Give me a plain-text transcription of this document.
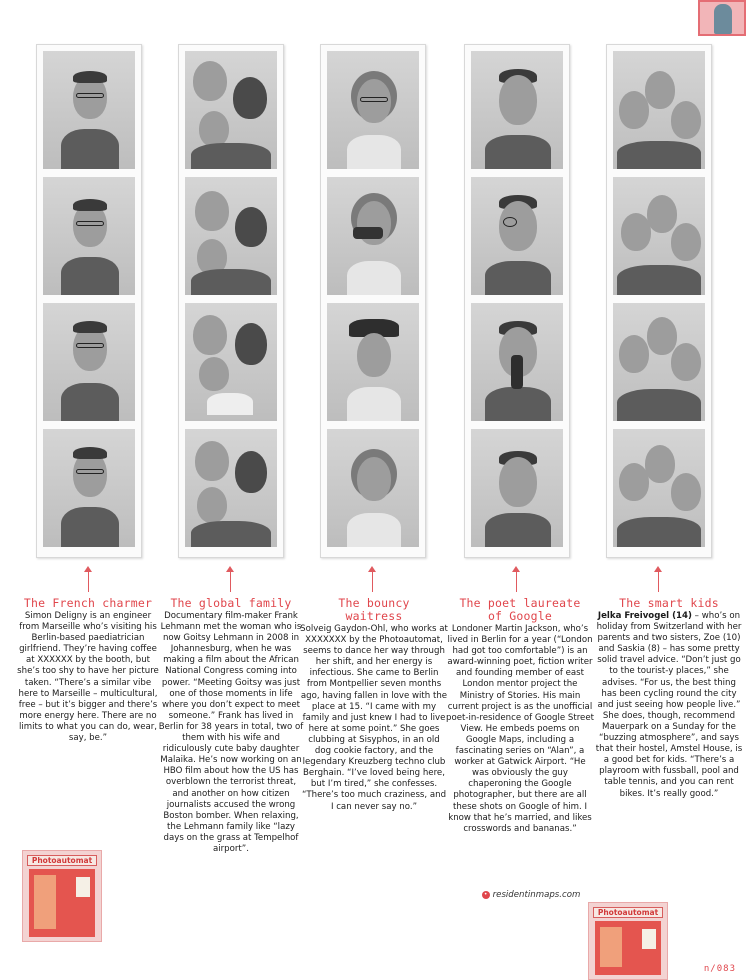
The French charmer
Simon Deligny is an engineer from Marseille who’s visiting his Berlin-based paediatrician girlfriend. They’re having coffee at XXXXXX by the booth, but she’s too shy to have her picture taken. “There’s a similar vibe here to Marseille – multicultural, free – but it’s bigger and there’s more energy here. There are no limits to what you can do, wear, say, be.”
The global family
Documentary film-maker Frank Lehmann met the woman who is now Goitsy Lehmann in 2008 in Johannesburg, when he was making a film about the African National Congress coming into power. “Meeting Goitsy was just one of those moments in life where you don’t expect to meet someone.” Frank has lived in Berlin for 38 years in total, two of them with his wife and ridiculously cute baby daughter Malaika. He’s now working on an HBO film about how the US has overblown the terrorist threat, and another on how citizen journalists accused the wrong Boston bomber. When relaxing, the Lehmann family like “lazy days on the grass at Tempelhof airport”.
The bouncy waitress
Solveig Gaydon-Ohl, who works at XXXXXXX by the Photoautomat, seems to dance her way through her shift, and her energy is infectious. She came to Berlin from Montpellier seven months ago, having fallen in love with the place at 15. “I came with my family and just knew I had to live here at some point.” She goes clubbing at Sisyphos, in an old dog cookie factory, and the legendary Kreuzberg techno club Berghain. “I’ve loved being here, but I’m tired,” she confesses. “There’s too much craziness, and I can never say no.”
The poet laureate of Google
Londoner Martin Jackson, who’s lived in Berlin for a year (“London had got too comfortable”) is an award-winning poet, fiction writer and founding member of east London mentor project the Ministry of Stories. His main current project is as the unofficial poet-in-residence of Google Street View. He embeds poems on Google Maps, including a fascinating series on “Alan”, a worker at Gatwick Airport. “He was obviously the guy chaperoning the Google photographer, but there are all these shots on Google of him. I know that he’s married, and likes crosswords and bananas.”
The smart kids
Jelka Freivogel (14) – who’s on holiday from Switzerland with her parents and two sisters, Zoe (10) and Saskia (8) – has some pretty solid travel advice. “Don’t just go to the tourist-y places,” she advises. “For us, the best thing has been cycling round the city and just seeing how people live.” She does, though, recommend Mauerpark on a Sunday for the “buzzing atmosphere”, and says that their hostel, Amstel House, is a good bet for kids. “There’s a playroom with fussball, pool and table tennis, and you can rent bikes. It’s really good.”
• residentinmaps.com
Photoautomat
Photoautomat
n/083
